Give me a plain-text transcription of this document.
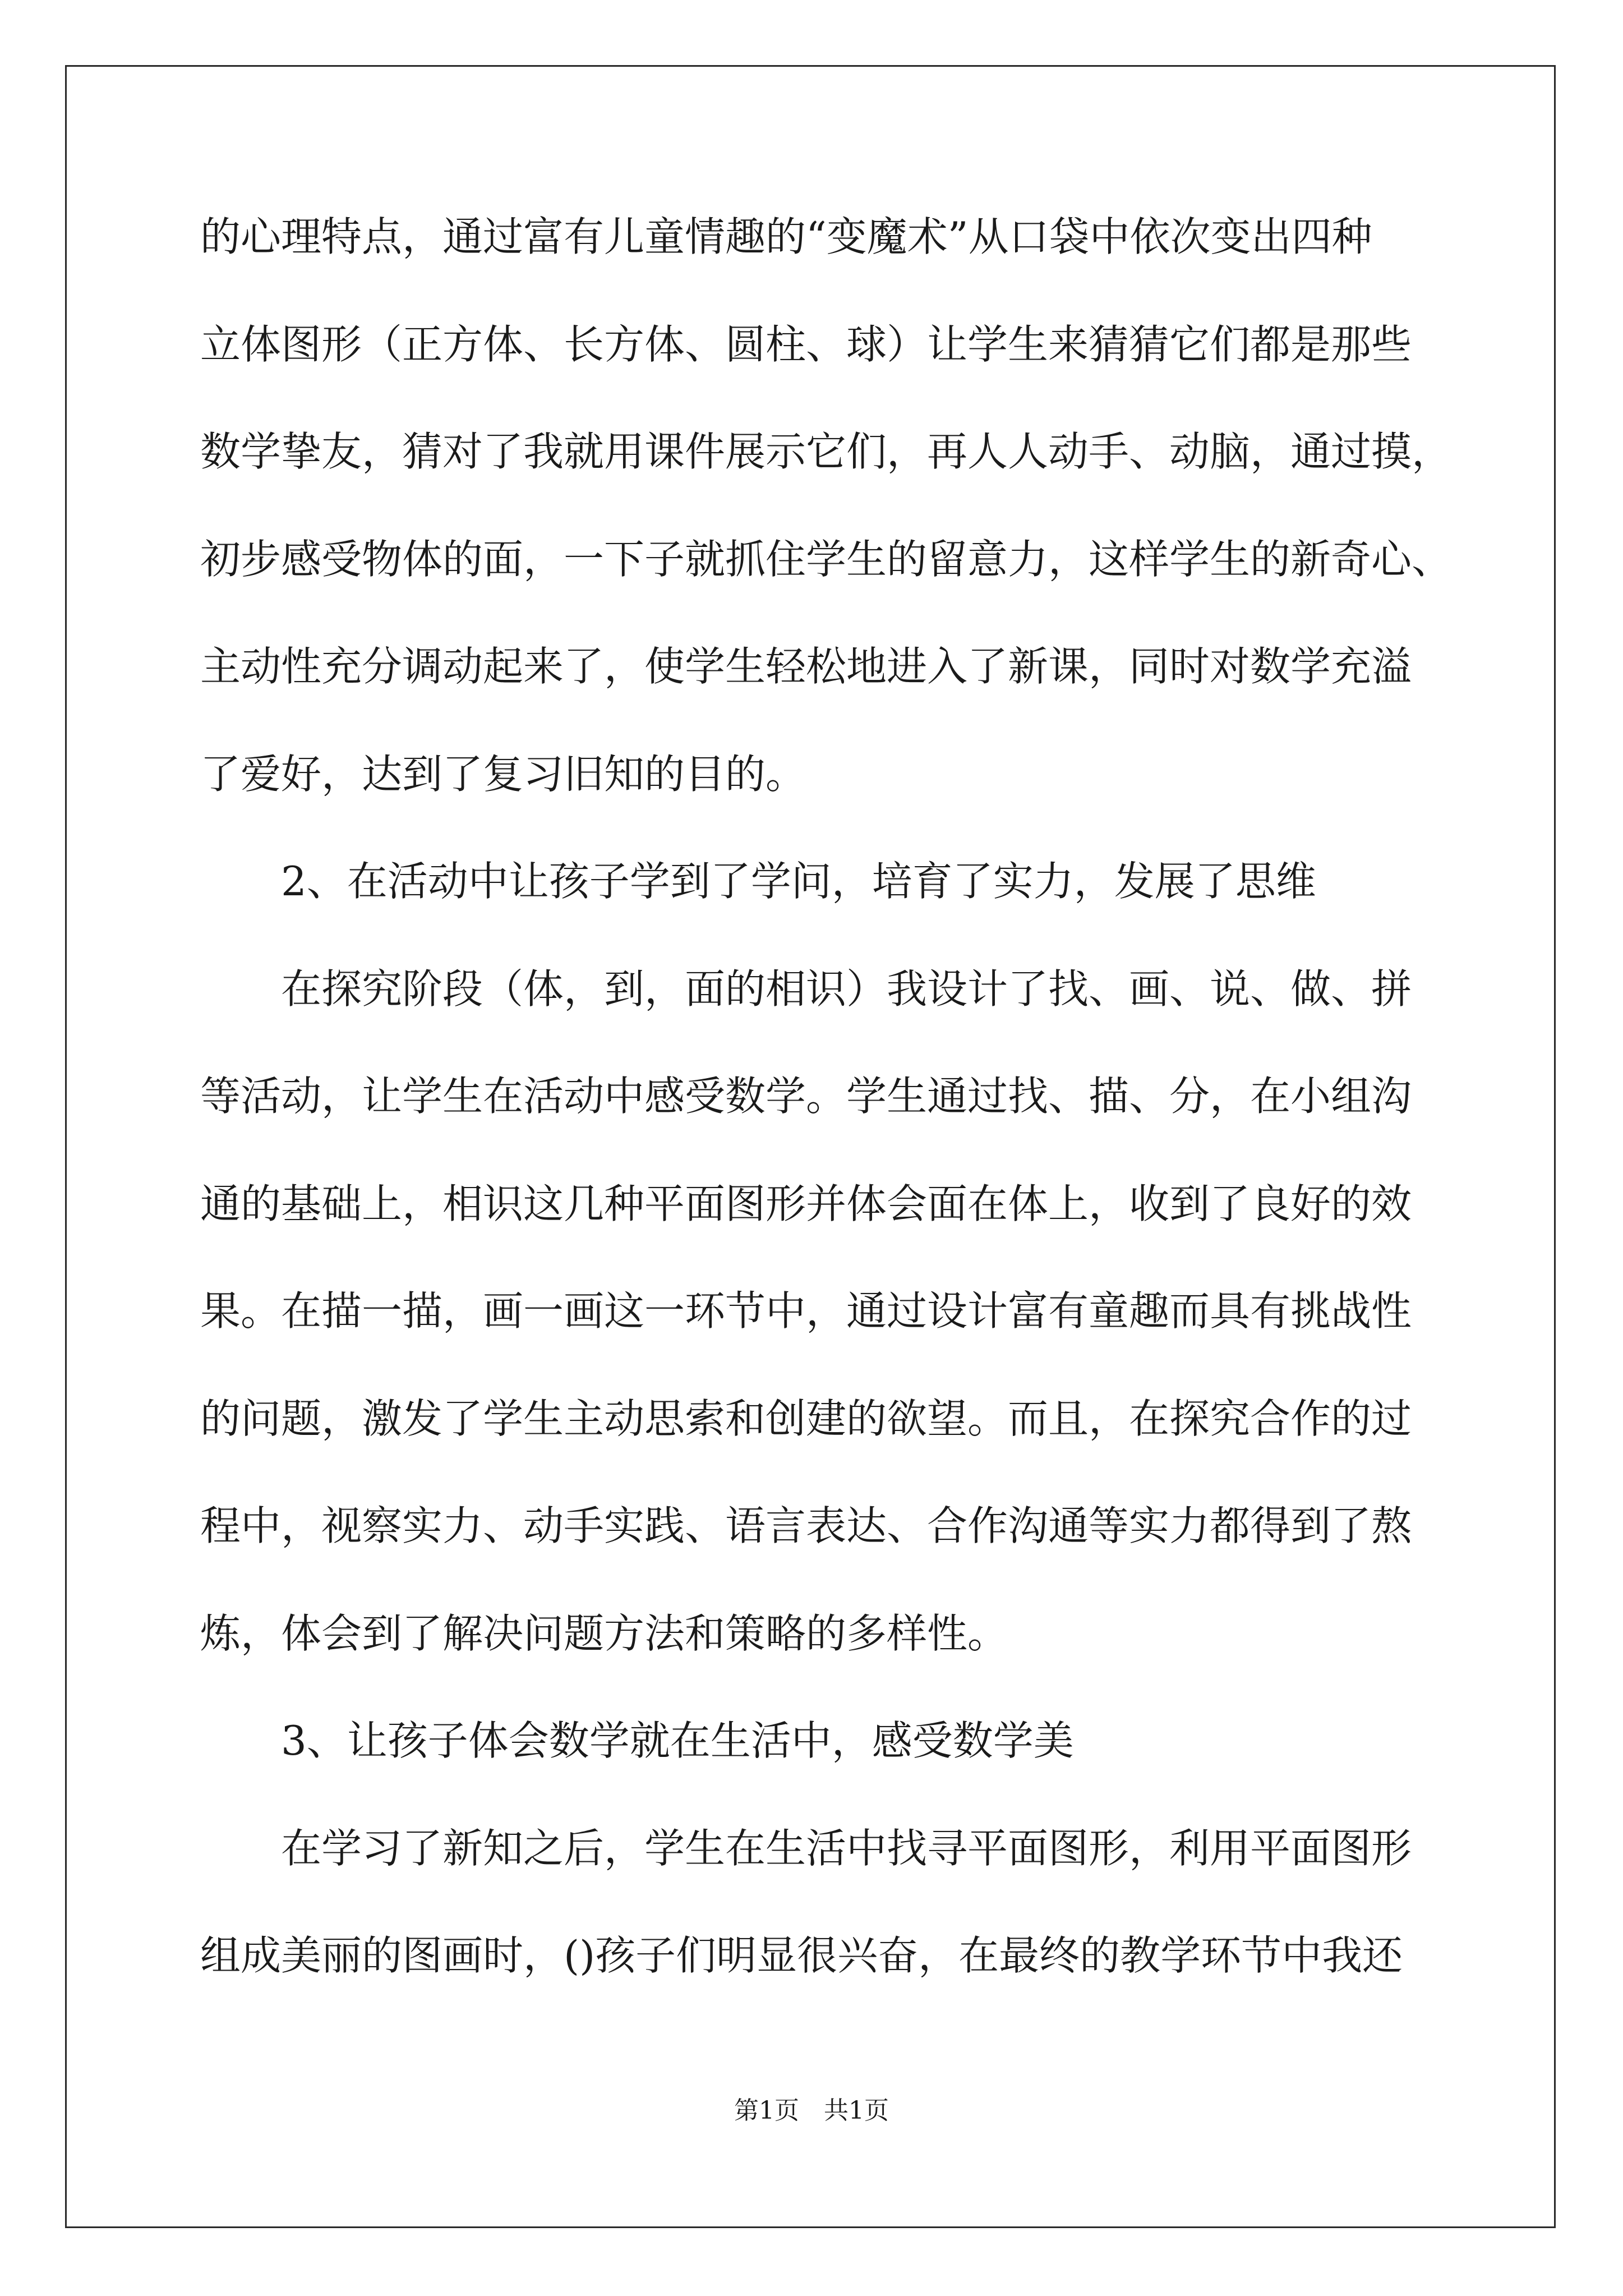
的心理特点，通过富有儿童情趣的“变魔术”从口袋中依次变出四种
立体图形（正方体、长方体、圆柱、球）让学生来猜猜它们都是那些
数学挚友，猜对了我就用课件展示它们，再人人动手、动脑，通过摸，
初步感受物体的面，一下子就抓住学生的留意力，这样学生的新奇心、
主动性充分调动起来了，使学生轻松地进入了新课，同时对数学充溢
了爱好，达到了复习旧知的目的。
2、在活动中让孩子学到了学问，培育了实力，发展了思维
在探究阶段（体，到，面的相识）我设计了找、画、说、做、拼
等活动，让学生在活动中感受数学。学生通过找、描、分，在小组沟
通的基础上，相识这几种平面图形并体会面在体上，收到了良好的效
果。在描一描，画一画这一环节中，通过设计富有童趣而具有挑战性
的问题，激发了学生主动思索和创建的欲望。而且，在探究合作的过
程中，视察实力、动手实践、语言表达、合作沟通等实力都得到了熬
炼，体会到了解决问题方法和策略的多样性。
3、让孩子体会数学就在生活中，感受数学美
在学习了新知之后，学生在生活中找寻平面图形，利用平面图形
组成美丽的图画时，()孩子们明显很兴奋，在最终的教学环节中我还
第1页　共1页
